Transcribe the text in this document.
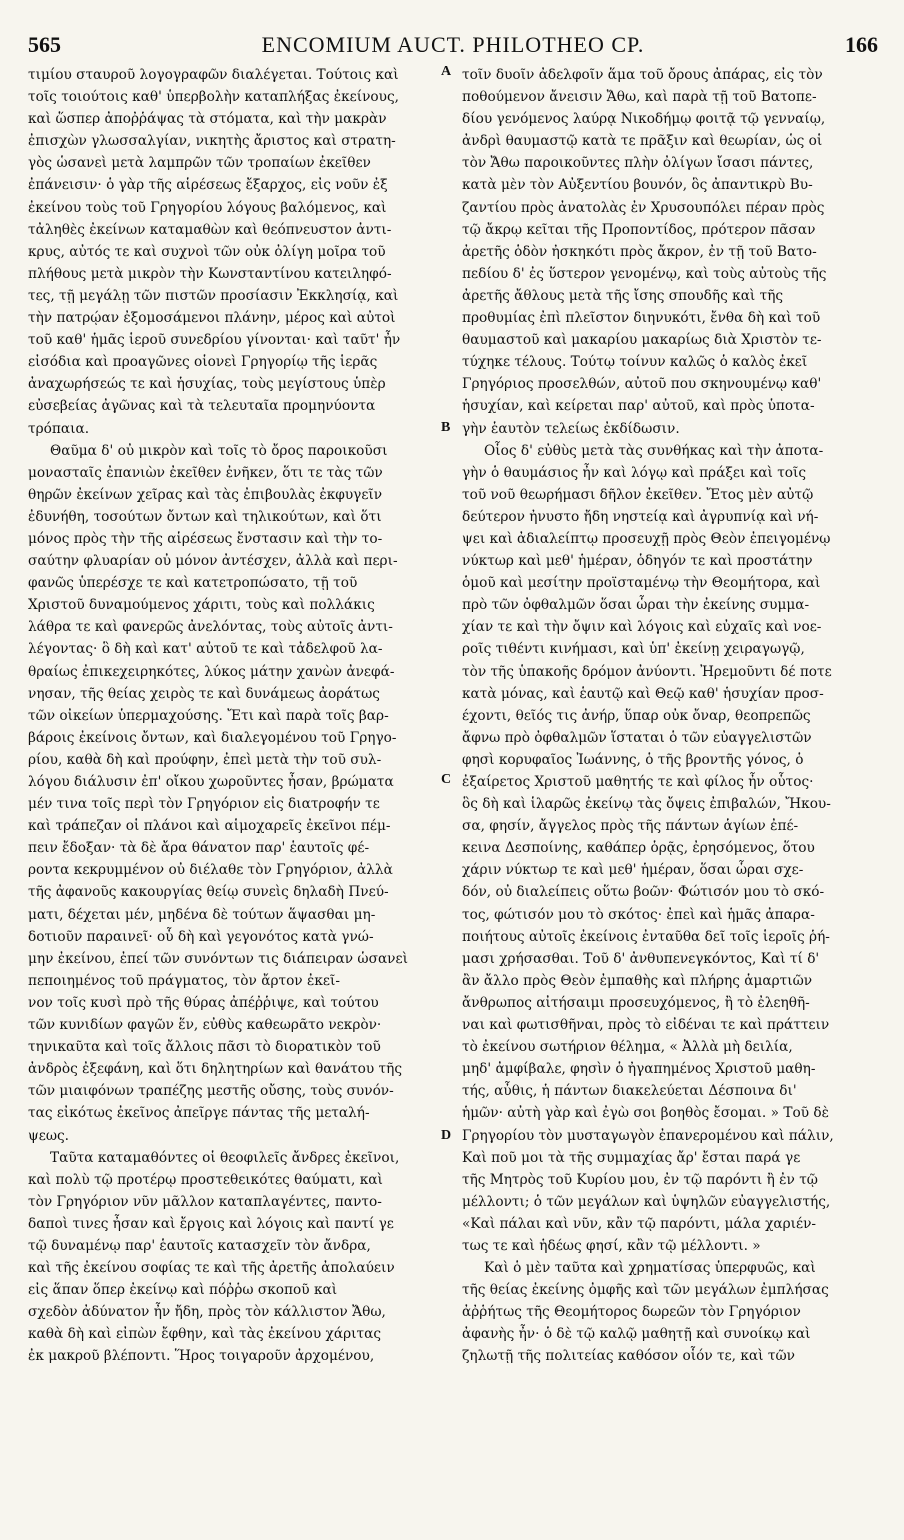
565	ENCOMIUM AUCT. PHILOTHEO CP.	166

τιμίου σταυροῦ λογογραφῶν διαλέγεται. Τούτοις καὶ
τοῖς τοιούτοις καθ' ὑπερβολὴν καταπλήξας ἐκείνους,
καὶ ὥσπερ ἀποῤῥάψας τὰ στόματα, καὶ τὴν μακρὰν
ἐπισχὼν γλωσσαλγίαν, νικητὴς ἄριστος καὶ στρατη-
γὸς ὡσανεὶ μετὰ λαμπρῶν τῶν τροπαίων ἐκεῖθεν
ἐπάνεισιν· ὁ γὰρ τῆς αἱρέσεως ἔξαρχος, εἰς νοῦν ἐξ
ἐκείνου τοὺς τοῦ Γρηγορίου λόγους βαλόμενος, καὶ
τἀληθὲς ἐκείνων καταμαθὼν καὶ θεόπνευστον ἀντι-
κρυς, αὐτός τε καὶ συχνοὶ τῶν οὐκ ὀλίγη μοῖρα τοῦ
πλήθους μετὰ μικρὸν τὴν Κωνσταντίνου κατειληφό-
τες, τῇ μεγάλῃ τῶν πιστῶν προσίασιν Ἐκκλησίᾳ, καὶ
τὴν πατρῴαν ἐξομοσάμενοι πλάνην, μέρος καὶ αὐτοὶ
τοῦ καθ' ἡμᾶς ἱεροῦ συνεδρίου γίνονται· καὶ ταῦτ' ἦν
εἰσόδια καὶ προαγῶνες οἱονεὶ Γρηγορίῳ τῆς ἱερᾶς
ἀναχωρήσεώς τε καὶ ἡσυχίας, τοὺς μεγίστους ὑπὲρ
εὐσεβείας ἀγῶνας καὶ τὰ τελευταῖα προμηνύοντα
τρόπαια.

Θαῦμα δ' οὐ μικρὸν καὶ τοῖς τὸ ὄρος παροικοῦσι
μονασταῖς ἐπανιὼν ἐκεῖθεν ἐνῆκεν, ὅτι τε τὰς τῶν
θηρῶν ἐκείνων χεῖρας καὶ τὰς ἐπιβουλὰς ἐκφυγεῖν
ἐδυνήθη, τοσούτων ὄντων καὶ τηλικούτων, καὶ ὅτι
μόνος πρὸς τὴν τῆς αἱρέσεως ἔνστασιν καὶ τὴν το-
σαύτην φλυαρίαν οὐ μόνον ἀντέσχεν, ἀλλὰ καὶ περι-
φανῶς ὑπερέσχε τε καὶ κατετροπώσατο, τῇ τοῦ
Χριστοῦ δυναμούμενος χάριτι, τοὺς καὶ πολλάκις
λάθρα τε καὶ φανερῶς ἀνελόντας, τοὺς αὐτοῖς ἀντι-
λέγοντας· ὃ δὴ καὶ κατ' αὐτοῦ τε καὶ τἀδελφοῦ λα-
θραίως ἐπικεχειρηκότες, λύκος μάτην χανὼν ἀνεφά-
νησαν, τῆς θείας χειρὸς τε καὶ δυνάμεως ἀοράτως
τῶν οἰκείων ὑπερμαχούσης. Ἔτι καὶ παρὰ τοῖς βαρ-
βάροις ἐκείνοις ὄντων, καὶ διαλεγομένου τοῦ Γρηγο-
ρίου, καθὰ δὴ καὶ προύφην, ἐπεὶ μετὰ τὴν τοῦ συλ-
λόγου διάλυσιν ἐπ' οἴκου χωροῦντες ἦσαν, βρώματα
μέν τινα τοῖς περὶ τὸν Γρηγόριον εἰς διατροφήν τε
καὶ τράπεζαν οἱ πλάνοι καὶ αἱμοχαρεῖς ἐκεῖνοι πέμ-
πειν ἔδοξαν· τὰ δὲ ἄρα θάνατον παρ' ἑαυτοῖς φέ-
ροντα κεκρυμμένον οὐ διέλαθε τὸν Γρηγόριον, ἀλλὰ
τῆς ἀφανοῦς κακουργίας θείῳ συνεὶς δηλαδὴ Πνεύ-
ματι, δέχεται μέν, μηδένα δὲ τούτων ἅψασθαι μη-
δοτιοῦν παραινεῖ· οὗ δὴ καὶ γεγονότος κατὰ γνώ-
μην ἐκείνου, ἐπεί τῶν συνόντων τις διάπειραν ὡσανεὶ
πεποιημένος τοῦ πράγματος, τὸν ἄρτον ἐκεῖ-
νον τοῖς κυσὶ πρὸ τῆς θύρας ἀπέῤῥιψε, καὶ τούτου
τῶν κυνιδίων φαγῶν ἕν, εὐθὺς καθεωρᾶτο νεκρὸν·
τηνικαῦτα καὶ τοῖς ἄλλοις πᾶσι τὸ διορατικὸν τοῦ
ἀνδρὸς ἐξεφάνη, καὶ ὅτι δηλητηρίων καὶ θανάτου τῆς
τῶν μιαιφόνων τραπέζης μεστῆς οὔσης, τοὺς συνόν-
τας εἰκότως ἐκεῖνος ἀπεῖργε πάντας τῆς μεταλή-
ψεως.

Ταῦτα καταμαθόντες οἱ θεοφιλεῖς ἄνδρες ἐκεῖνοι,
καὶ πολὺ τῷ προτέρῳ προστεθεικότες θαύματι, καὶ
τὸν Γρηγόριον νῦν μᾶλλον καταπλαγέντες, παντο-
δαποὶ τινες ἦσαν καὶ ἔργοις καὶ λόγοις καὶ παντί γε
τῷ δυναμένῳ παρ' ἑαυτοῖς κατασχεῖν τὸν ἄνδρα,
καὶ τῆς ἐκείνου σοφίας τε καὶ τῆς ἀρετῆς ἀπολαύειν
εἰς ἅπαν ὅπερ ἐκείνῳ καὶ πόῤῥω σκοποῦ καὶ
σχεδὸν ἀδύνατον ἦν ἤδη, πρὸς τὸν κάλλιστον Ἄθω,
καθὰ δὴ καὶ εἰπὼν ἔφθην, καὶ τὰς ἐκείνου χάριτας
ἐκ μακροῦ βλέποντι. Ἥρος τοιγαροῦν ἀρχομένου,

τοῖν δυοῖν ἀδελφοῖν ἅμα τοῦ ὄρους ἀπάρας, εἰς τὸν
ποθούμενον ἄνεισιν Ἄθω, καὶ παρὰ τῇ τοῦ Βατοπε-
δίου γενόμενος λαύρᾳ Νικοδήμῳ φοιτᾷ τῷ γενναίῳ,
ἀνδρὶ θαυμαστῷ κατὰ τε πρᾶξιν καὶ θεωρίαν, ὡς οἱ
τὸν Ἄθω παροικοῦντες πλὴν ὀλίγων ἴσασι πάντες,
κατὰ μὲν τὸν Αὐξεντίου βουνόν, ὃς ἀπαντικρὺ Βυ-
ζαντίου πρὸς ἀνατολὰς ἐν Χρυσουπόλει πέραν πρὸς
τῷ ἄκρῳ κεῖται τῆς Προποντίδος, πρότερον πᾶσαν
ἀρετῆς ὁδὸν ἠσκηκότι πρὸς ἄκρον, ἐν τῇ τοῦ Βατο-
πεδίου δ' ἐς ὕστερον γενομένῳ, καὶ τοὺς αὐτοὺς τῆς
ἀρετῆς ἄθλους μετὰ τῆς ἴσης σπουδῆς καὶ τῆς
προθυμίας ἐπὶ πλεῖστον διηνυκότι, ἔνθα δὴ καὶ τοῦ
θαυμαστοῦ καὶ μακαρίου μακαρίως διὰ Χριστὸν τε-
τύχηκε τέλους. Τούτῳ τοίνυν καλῶς ὁ καλὸς ἐκεῖ
Γρηγόριος προσελθών, αὐτοῦ που σκηνουμένῳ καθ'
ἡσυχίαν, καὶ κείρεται παρ' αὐτοῦ, καὶ πρὸς ὑποτα-
γὴν ἑαυτὸν τελείως ἐκδίδωσιν.

Οἷος δ' εὐθὺς μετὰ τὰς συνθήκας καὶ τὴν ἀποτα-
γὴν ὁ θαυμάσιος ἦν καὶ λόγῳ καὶ πράξει καὶ τοῖς
τοῦ νοῦ θεωρήμασι δῆλον ἐκεῖθεν. Ἔτος μὲν αὐτῷ
δεύτερον ἠνυστο ἤδη νηστείᾳ καὶ ἀγρυπνίᾳ καὶ νή-
ψει καὶ ἀδιαλείπτῳ προσευχῇ πρὸς Θεὸν ἐπειγομένῳ
νύκτωρ καὶ μεθ' ἡμέραν, ὁδηγόν τε καὶ προστάτην
ὁμοῦ καὶ μεσίτην προϊσταμένῳ τὴν Θεομήτορα, καὶ
πρὸ τῶν ὀφθαλμῶν ὅσαι ὧραι τὴν ἐκείνης συμμα-
χίαν τε καὶ τὴν ὄψιν καὶ λόγοις καὶ εὐχαῖς καὶ νοε-
ροῖς τιθέντι κινήμασι, καὶ ὑπ' ἐκείνῃ χειραγωγῷ,
τὸν τῆς ὑπακοῆς δρόμον ἀνύοντι. Ἠρεμοῦντι δέ ποτε
κατὰ μόνας, καὶ ἑαυτῷ καὶ Θεῷ καθ' ἡσυχίαν προσ-
έχοντι, θεῖός τις ἀνήρ, ὕπαρ οὐκ ὄναρ, θεοπρεπῶς
ἄφνω πρὸ ὀφθαλμῶν ἵσταται ὁ τῶν εὐαγγελιστῶν
φησὶ κορυφαῖος Ἰωάννης, ὁ τῆς βροντῆς γόνος, ὁ
ἐξαίρετος Χριστοῦ μαθητής τε καὶ φίλος ἦν οὗτος·
ὃς δὴ καὶ ἱλαρῶς ἐκείνῳ τὰς ὄψεις ἐπιβαλών, Ἤκου-
σα, φησίν, ἄγγελος πρὸς τῆς πάντων ἁγίων ἐπέ-
κεινα Δεσποίνης, καθάπερ ὁρᾷς, ἐρησόμενος, ὅτου
χάριν νύκτωρ τε καὶ μεθ' ἡμέραν, ὅσαι ὧραι σχε-
δόν, οὐ διαλείπεις οὕτω βοῶν· Φώτισόν μου τὸ σκό-
τος, φώτισόν μου τὸ σκότος· ἐπεὶ καὶ ἡμᾶς ἀπαρα-
ποιήτους αὐτοῖς ἐκείνοις ἐνταῦθα δεῖ τοῖς ἱεροῖς ῥή-
μασι χρήσασθαι. Τοῦ δ' ἀνθυπενεγκόντος, Καὶ τί δ'
ἂν ἄλλο πρὸς Θεὸν ἐμπαθὴς καὶ πλήρης ἁμαρτιῶν
ἄνθρωπος αἰτήσαιμι προσευχόμενος, ἢ τὸ ἐλεηθῆ-
ναι καὶ φωτισθῆναι, πρὸς τὸ εἰδέναι τε καὶ πράττειν
τὸ ἐκείνου σωτήριον θέλημα, « Ἀλλὰ μὴ δειλία,
μηδ' ἀμφίβαλε, φησὶν ὁ ἠγαπημένος Χριστοῦ μαθη-
τής, αὖθις, ἡ πάντων διακελεύεται Δέσποινα δι'
ἡμῶν· αὐτὴ γὰρ καὶ ἐγὼ σοι βοηθὸς ἔσομαι. » Τοῦ δὲ
Γρηγορίου τὸν μυσταγωγὸν ἐπανερομένου καὶ πάλιν,
Καὶ ποῦ μοι τὰ τῆς συμμαχίας ἄρ' ἔσται παρά γε
τῆς Μητρὸς τοῦ Κυρίου μου, ἐν τῷ παρόντι ἢ ἐν τῷ
μέλλοντι; ὁ τῶν μεγάλων καὶ ὑψηλῶν εὐαγγελιστής,
«Καὶ πάλαι καὶ νῦν, κἂν τῷ παρόντι, μάλα χαριέν-
τως τε καὶ ἡδέως φησί, κἂν τῷ μέλλοντι. »

Καὶ ὁ μὲν ταῦτα καὶ χρηματίσας ὑπερφυῶς, καὶ
τῆς θείας ἐκείνης ὀμφῆς καὶ τῶν μεγάλων ἐμπλήσας
ἀῤῥήτως τῆς Θεομήτορος δωρεῶν τὸν Γρηγόριον
ἀφανὴς ἦν· ὁ δὲ τῷ καλῷ μαθητῇ καὶ συνοίκῳ καὶ
ζηλωτῇ τῆς πολιτείας καθόσον οἷόν τε, καὶ τῶν

A
B
C
D
